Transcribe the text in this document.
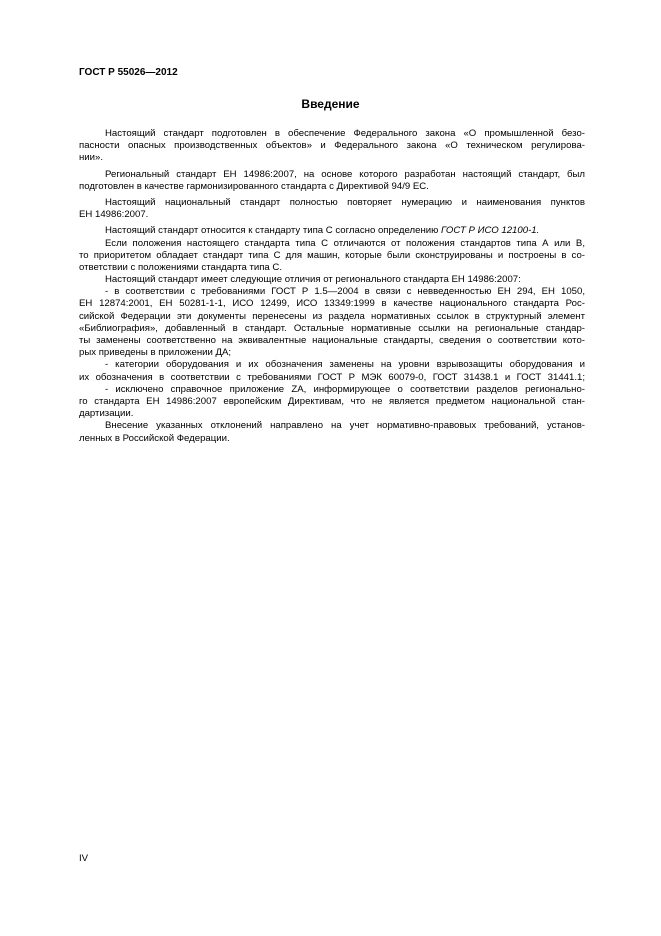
ГОСТ Р 55026—2012
Введение
Настоящий стандарт подготовлен в обеспечение Федерального закона «О промышленной безо-
пасности опасных производственных объектов» и Федерального закона «О техническом регулирова-
нии».
Региональный стандарт ЕН 14986:2007, на основе которого разработан настоящий стандарт, был
подготовлен в качестве гармонизированного стандарта с Директивой 94/9 ЕС.
Настоящий национальный стандарт полностью повторяет нумерацию и наименования пунктов
ЕН 14986:2007.
Настоящий стандарт относится к стандарту типа С согласно определению ГОСТ Р ИСО 12100-1.
Если положения настоящего стандарта типа С отличаются от положения стандартов типа А или В,
то приоритетом обладает стандарт типа С для машин, которые были сконструированы и построены в со-
ответствии с положениями стандарта типа С.
Настоящий стандарт имеет следующие отличия от регионального стандарта ЕН 14986:2007:
- в соответствии с требованиями ГОСТ Р 1.5—2004 в связи с невведенностью ЕН 294, ЕН 1050,
ЕН 12874:2001, ЕН 50281-1-1, ИСО 12499, ИСО 13349:1999 в качестве национального стандарта Рос-
сийской Федерации эти документы перенесены из раздела нормативных ссылок в структурный элемент
«Библиография», добавленный в стандарт. Остальные нормативные ссылки на региональные стандар-
ты заменены соответственно на эквивалентные национальные стандарты, сведения о соответствии кото-
рых приведены в приложении ДА;
- категории оборудования и их обозначения заменены на уровни взрывозащиты оборудования и
их обозначения в соответствии с требованиями ГОСТ Р МЭК 60079-0, ГОСТ 31438.1 и ГОСТ 31441.1;
- исключено справочное приложение ZA, информирующее о соответствии разделов регионально-
го стандарта ЕН 14986:2007 европейским Директивам, что не является предметом национальной стан-
дартизации.
Внесение указанных отклонений направлено на учет нормативно-правовых требований, установ-
ленных в Российской Федерации.
IV
